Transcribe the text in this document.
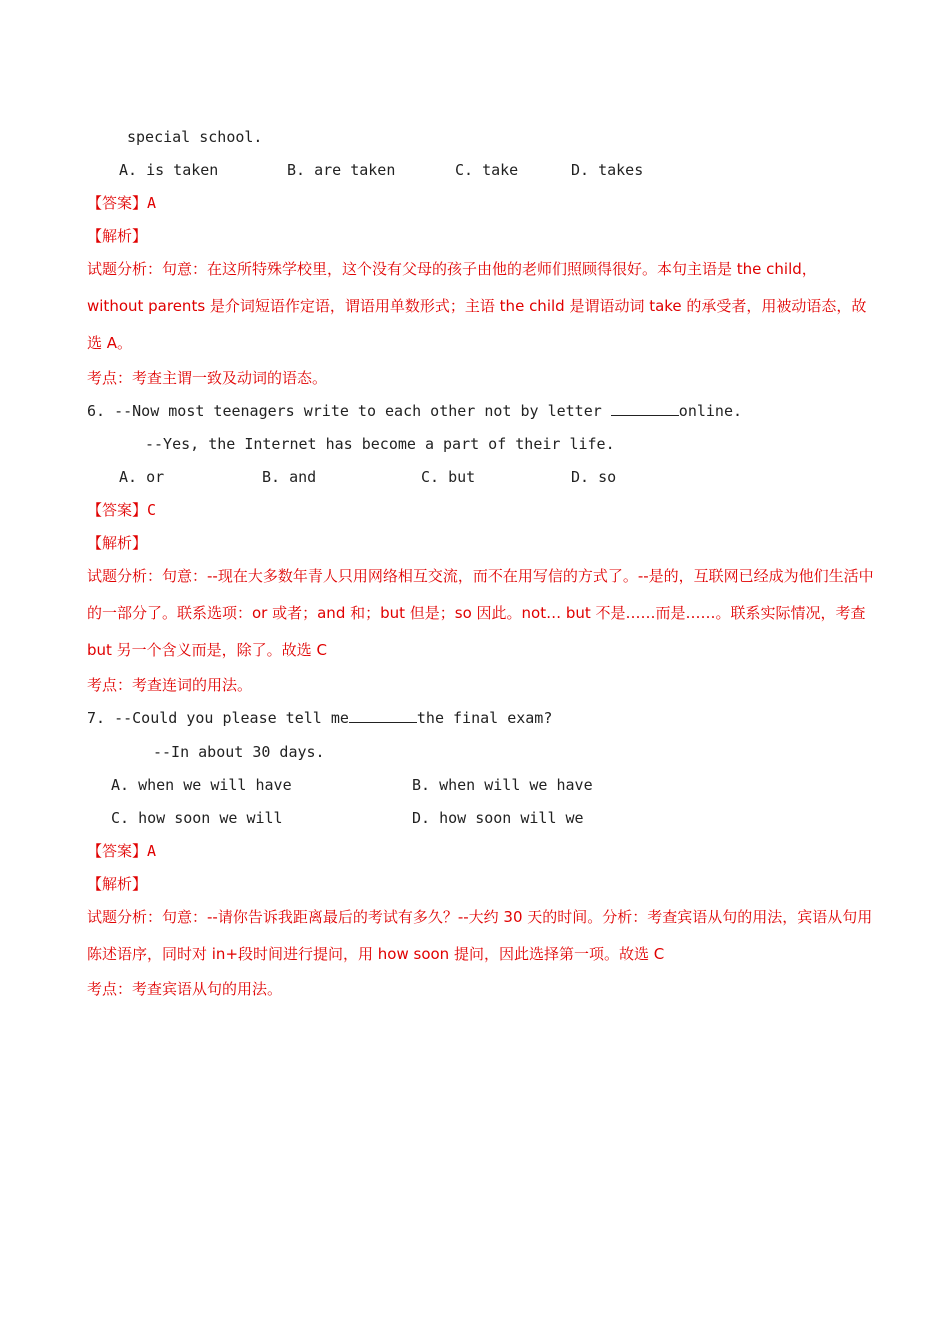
special school.
A. is taken	B. are taken	C. take	D. takes
【答案】A
【解析】
试题分析：句意：在这所特殊学校里，这个没有父母的孩子由他的老师们照顾得很好。本句主语是 the child， without parents 是介词短语作定语，谓语用单数形式；主语 the child 是谓语动词 take 的承受者，用被动语态，故选 A。
考点：考查主谓一致及动词的语态。
6. --Now most teenagers write to each other not by letter	online.
--Yes, the Internet has become a part of their life.
A. or	B. and	C. but	D. so
【答案】C
【解析】
试题分析：句意：--现在大多数年青人只用网络相互交流，而不在用写信的方式了。--是的，互联网已经成为他们生活中的一部分了。联系选项：or 或者；and 和；but 但是；so 因此。not… but 不是……而是……。联系实际情况，考查 but 另一个含义而是，除了。故选 C
考点：考查连词的用法。
7. --Could you please tell me	the final exam?
--In about 30 days.
A. when we will have	B. when will we have
C. how soon we will	D. how soon will we
【答案】A
【解析】
试题分析：句意：--请你告诉我距离最后的考试有多久？--大约 30 天的时间。分析：考查宾语从句的用法，宾语从句用陈述语序，同时对 in+段时间进行提问，用 how soon 提问，因此选择第一项。故选 C
考点：考查宾语从句的用法。
